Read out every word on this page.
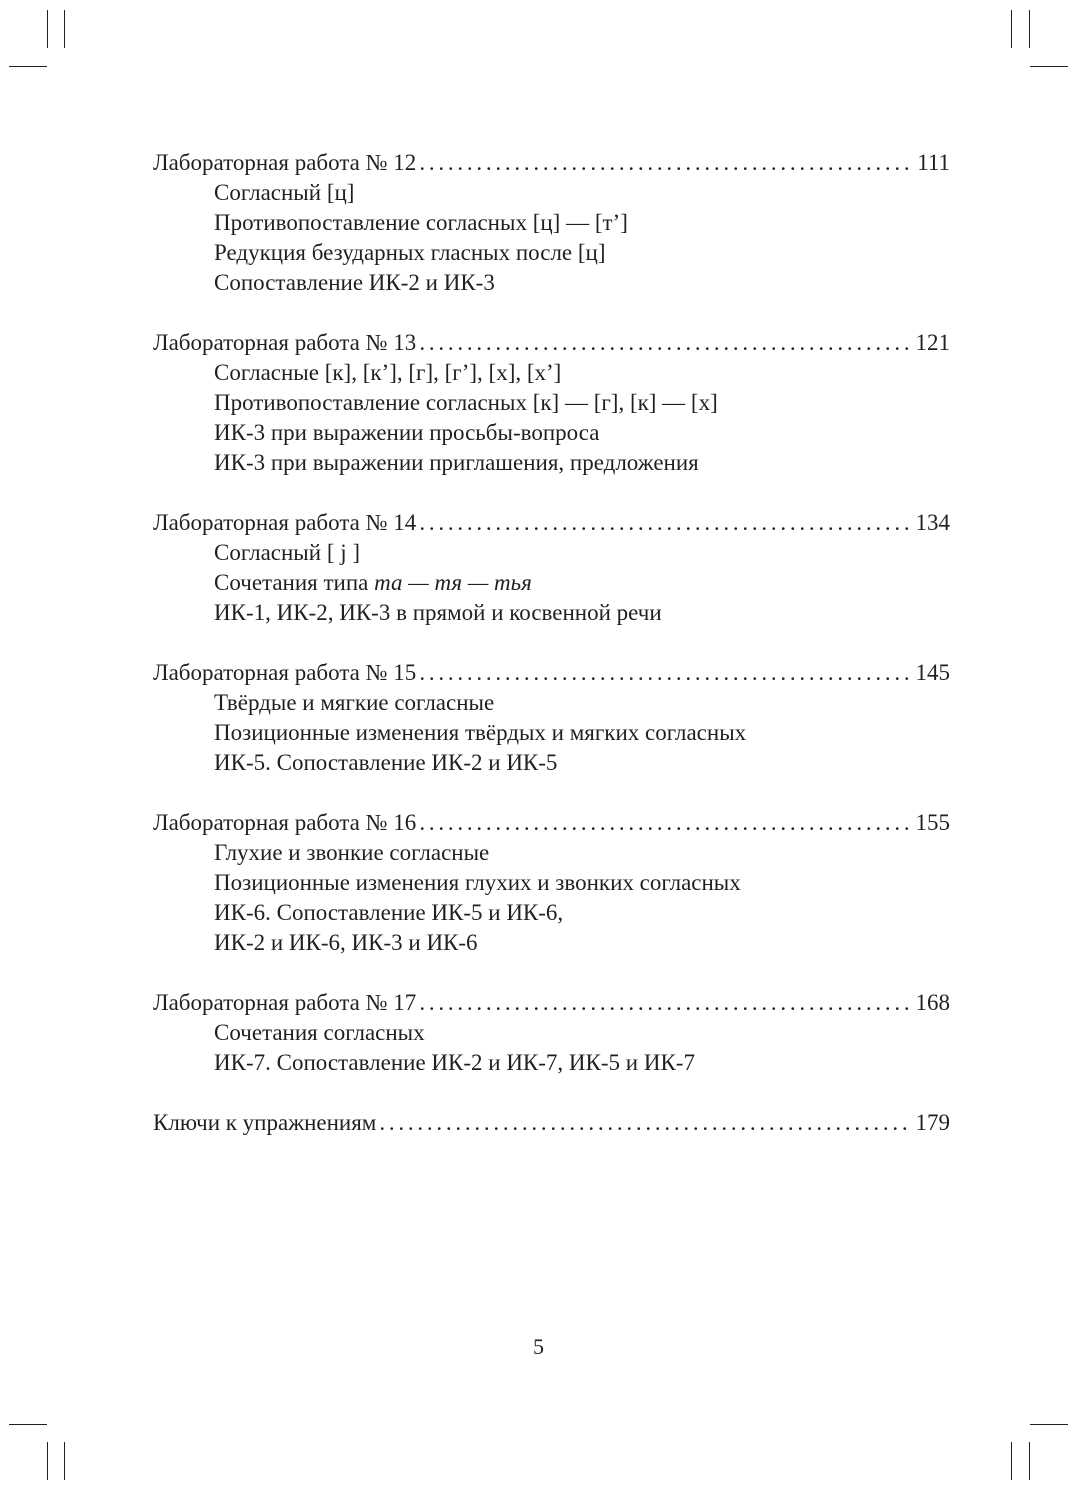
Лабораторная работа № 12 . . .	111
Согласный [ц]
Противопоставление согласных [ц] — [т’]
Редукция безударных гласных после [ц]
Сопоставление ИК-2 и ИК-3
Лабораторная работа № 13 . . .	121
Согласные [к], [к’], [г], [г’], [х], [х’]
Противопоставление согласных [к] — [г], [к] — [х]
ИК-3 при выражении просьбы-вопроса
ИК-3 при выражении приглашения, предложения
Лабораторная работа № 14 . . .	134
Согласный [ j ]
Сочетания типа та — тя — тья
ИК-1, ИК-2, ИК-3 в прямой и косвенной речи
Лабораторная работа № 15 . . .	145
Твёрдые и мягкие согласные
Позиционные изменения твёрдых и мягких согласных
ИК-5. Сопоставление ИК-2 и ИК-5
Лабораторная работа № 16 . . .	155
Глухие и звонкие согласные
Позиционные изменения глухих и звонких согласных
ИК-6. Сопоставление ИК-5 и ИК-6,
ИК-2 и ИК-6, ИК-3 и ИК-6
Лабораторная работа № 17 . . .	168
Сочетания согласных
ИК-7. Сопоставление ИК-2 и ИК-7, ИК-5 и ИК-7
Ключи к упражнениям . . .	179
5
